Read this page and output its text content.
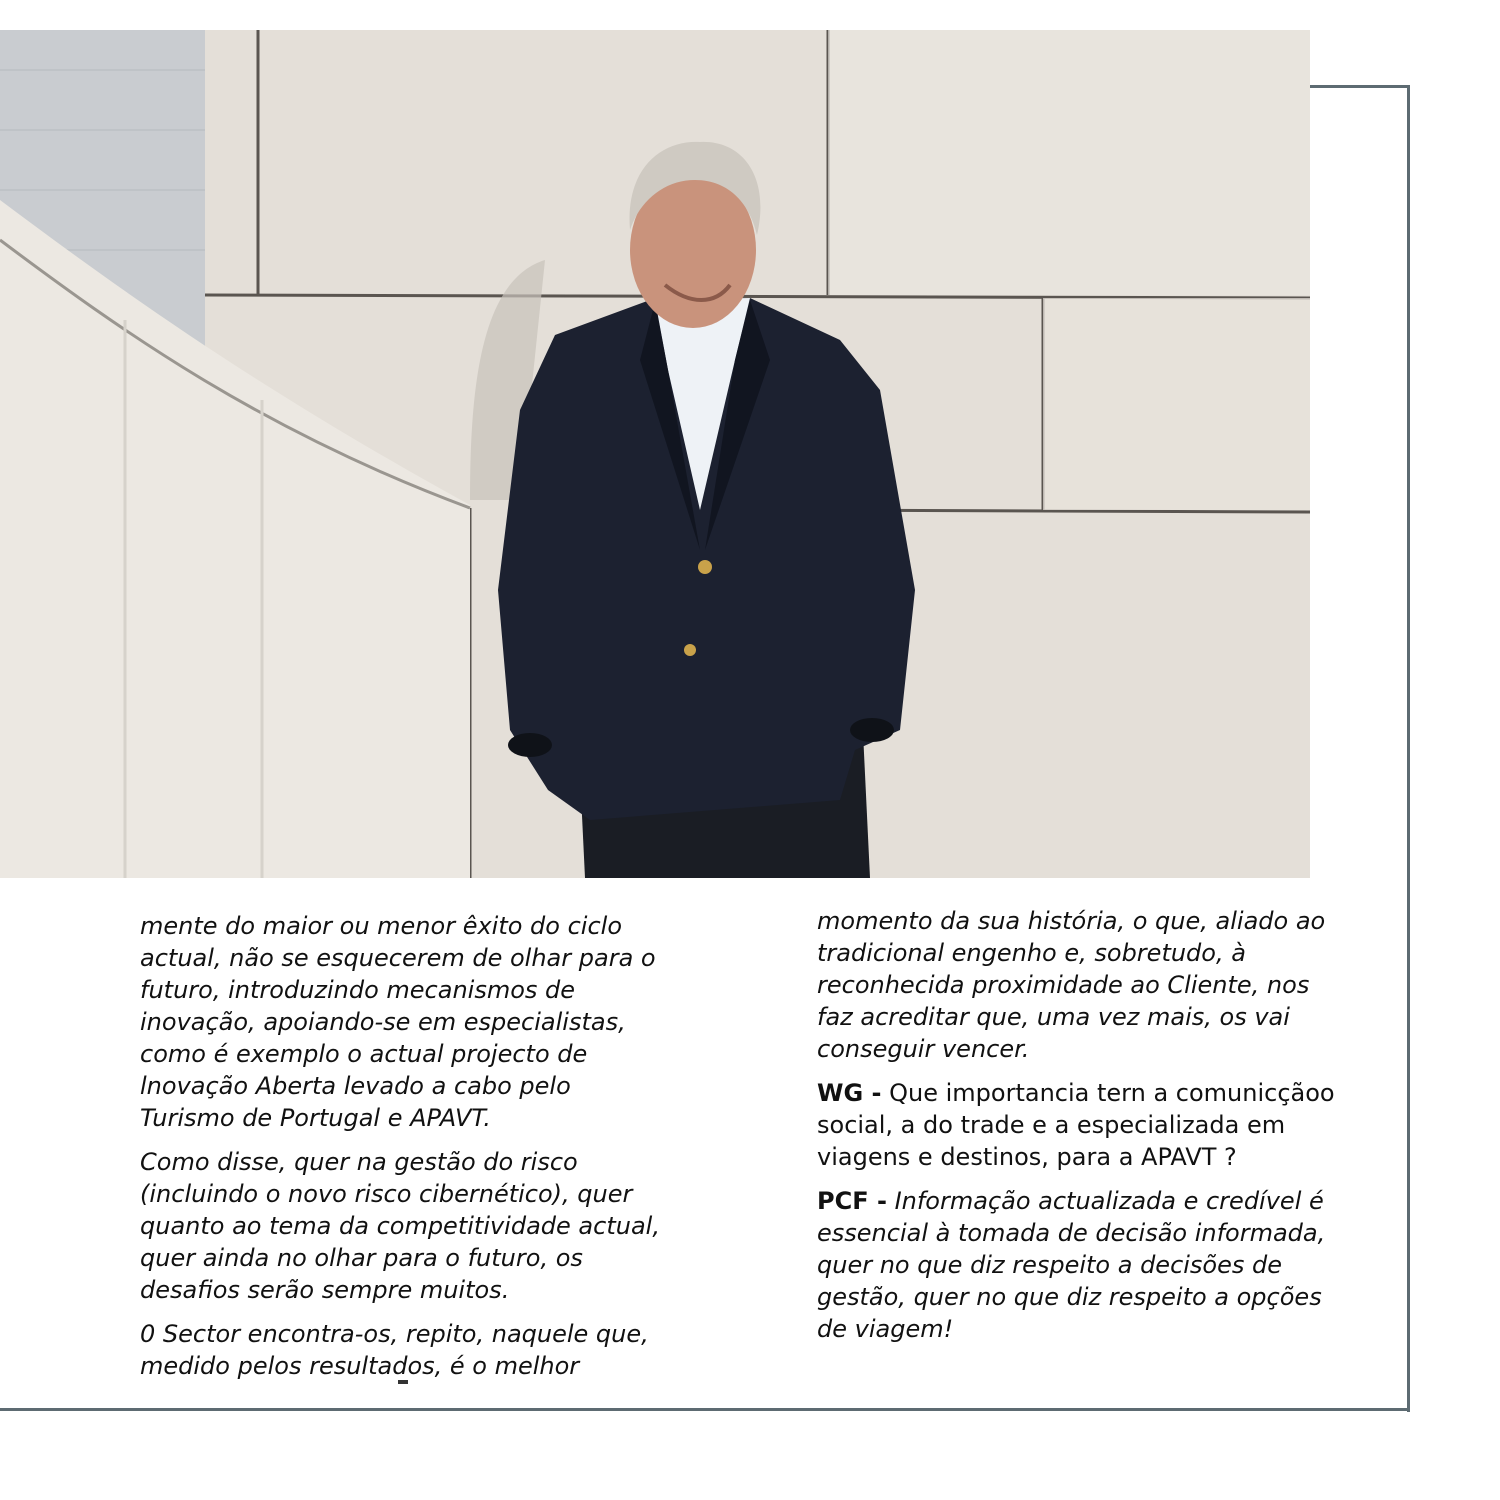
mente do maior ou menor êxito do ciclo actual, não se esquecerem de olhar para o futuro, introduzindo mecanismos de inovação, apoiando-se em especialistas, como é exemplo o actual projecto de lnovação Aberta levado a cabo pelo Turismo de Portugal e APAVT.

Como disse, quer na gestão do risco (incluindo o novo risco cibernético), quer quanto ao tema da competitividade actual, quer ainda no olhar para o futuro, os desafios serão sempre muitos.

0 Sector encontra-os, repito, naquele que, medido pelos resultados, é o melhor

momento da sua história, o que, aliado ao tradicional engenho e, sobretudo, à reconhecida proximidade ao Cliente, nos faz acreditar que, uma vez mais, os vai conseguir vencer.

WG - Que importancia tern a comunicçãoo social, a do trade e a especializada em viagens e destinos, para a APAVT ?

PCF - Informação actualizada e credível é essencial à tomada de decisão informada, quer no que diz respeito a decisões de gestão, quer no que diz respeito a opções de viagem!
